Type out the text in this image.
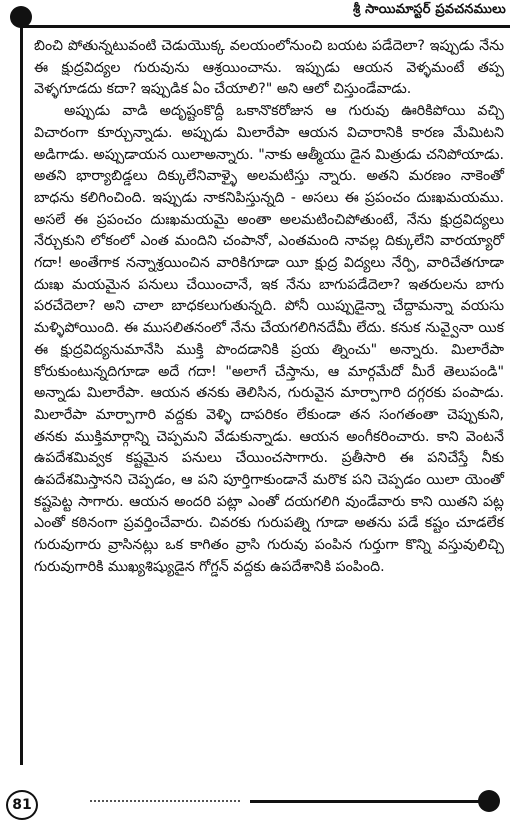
శ్రీ సాయిమాస్టర్ ప్రవచనములు

బించి పోతున్నటువంటి చెడుయొక్క వలయంలోనుంచి బయట పడేదెలా? ఇప్పుడు నేను ఈ క్షుద్రవిద్యల గురువును ఆశ్రయించాను. ఇప్పుడు ఆయన వెళ్ళమంటే తప్ప వెళ్ళగూడదు కదా? ఇప్పుడిక ఏం చేయాలి?" అని ఆలో చిస్తుండేవాడు.

అప్పుడు వాడి అదృష్టంకొద్దీ ఒకానొకరోజున ఆ గురువు ఊరికిపోయి వచ్చి విచారంగా కూర్చున్నాడు. అప్పుడు మిలారేపా ఆయన విచారానికి కారణ మేమిటని అడిగాడు. అప్పుడాయన యిలాఅన్నారు. "నాకు ఆత్మీయు డైన మిత్రుడు చనిపోయాడు. అతని భార్యాబిడ్డలు దిక్కులేనివాళ్ళై అలమటిస్తు న్నారు. అతని మరణం నాకెంతో బాధను కలిగించింది. ఇప్పుడు నాకనిపిస్తున్నది - అసలు ఈ ప్రపంచం దుఃఖమయము. అసలే ఈ ప్రపంచం దుఃఖమయమై అంతా అలమటించిపోతుంటే, నేను క్షుద్రవిద్యలు నేర్చుకుని లోకంలో ఎంత మందిని చంపానో, ఎంతమంది నావల్ల దిక్కులేని వారయ్యారో గదా! అంతేగాక నన్నాశ్రయించిన వారికిగూడా యీ క్షుద్ర విద్యలు నేర్పి, వారిచేతగూడా దుఃఖ మయమైన పనులు చేయించానే, ఇక నేను బాగుపడేదెలా? ఇతరులను బాగు పరచేదెలా? అని చాలా బాధకలుగుతున్నది. పోనీ యిప్పుడైన్నా చేద్దామన్నా వయసు మళ్ళిపోయింది. ఈ ముసలితనంలో నేను చేయగలిగినదేమీ లేదు. కనుక నువ్వైనా యిక ఈ క్షుద్రవిద్యనుమానేసి ముక్తి పొందడానికి ప్రయ త్నించు" అన్నారు. మిలారేపా కోరుకుంటున్నదిగూడా అదే గదా! "అలాగే చేస్తాను, ఆ మార్గమేదో మీరే తెలుపండి" అన్నాడు మిలారేపా. ఆయన తనకు తెలిసిన, గురువైన మార్పాగారి దగ్గరకు పంపాడు. మిలారేపా మార్పాగారి వద్దకు వెళ్ళి దాపరికం లేకుండా తన సంగతంతా చెప్పుకుని, తనకు ముక్తిమార్గాన్ని చెప్పమని వేడుకున్నాడు. ఆయన అంగీకరించారు. కాని వెంటనే ఉపదేశమివ్వక కష్టమైన పనులు చేయించసాగారు. ప్రతీసారి ఈ పనిచేస్తే నీకు ఉపదేశమిస్తానని చెప్పడం, ఆ పని పూర్తిగాకుండానే మరొక పని చెప్పడం యిలా యెంతో కష్టపెట్ట సాగారు. ఆయన అందరి పట్లా ఎంతో దయగలిగి వుండేవారు కాని యితని పట్ల ఎంతో కఠినంగా ప్రవర్తించేవారు. చివరకు గురుపత్ని గూడా అతను పడే కష్టం చూడలేక గురువుగారు వ్రాసినట్లు ఒక కాగితం వ్రాసి గురువు పంపిన గుర్తుగా కొన్ని వస్తువులిచ్చి గురువుగారికి ముఖ్యశిష్యుడైన గోగ్డన్ వద్దకు ఉపదేశానికి పంపింది.

81
